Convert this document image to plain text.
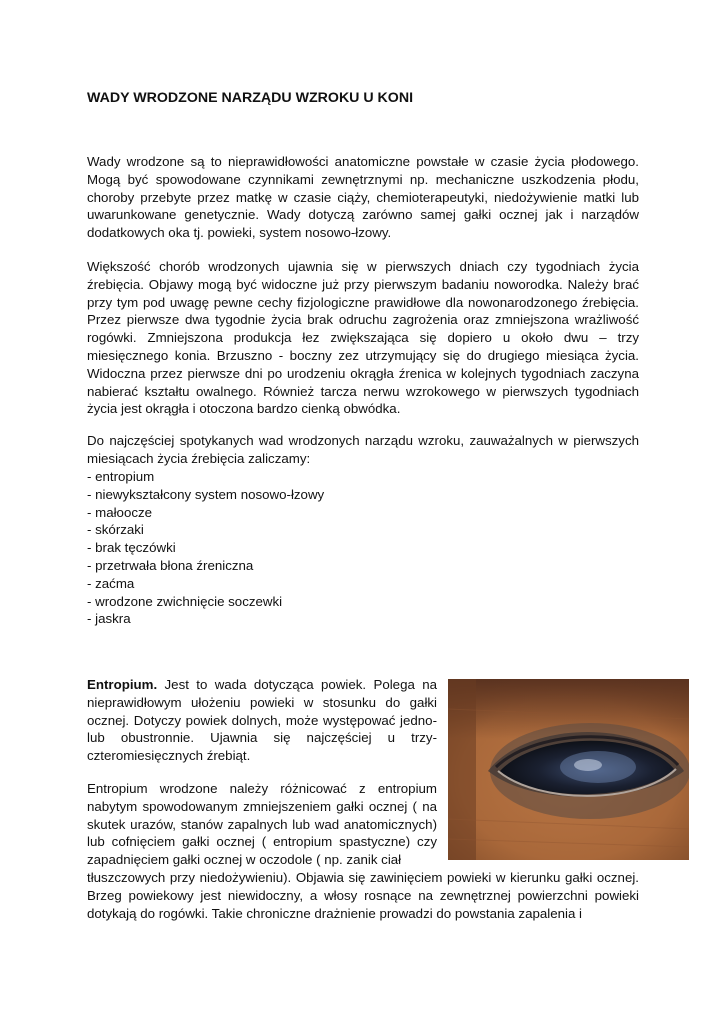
WADY WRODZONE NARZĄDU WZROKU U KONI

Wady wrodzone są to nieprawidłowości anatomiczne powstałe w czasie życia płodowego. Mogą być spowodowane czynnikami zewnętrznymi np. mechaniczne uszkodzenia płodu, choroby przebyte przez matkę w czasie ciąży, chemioterapeutyki, niedożywienie matki lub uwarunkowane genetycznie. Wady dotyczą zarówno samej gałki ocznej jak i narządów dodatkowych oka tj. powieki, system nosowo-łzowy.

Większość chorób wrodzonych ujawnia się w pierwszych dniach czy tygodniach życia źrebięcia. Objawy mogą być widoczne już przy pierwszym badaniu noworodka. Należy brać przy tym pod uwagę pewne cechy fizjologiczne prawidłowe dla nowonarodzonego źrebięcia. Przez pierwsze dwa tygodnie życia brak odruchu zagrożenia oraz zmniejszona wrażliwość rogówki. Zmniejszona produkcja łez zwiększająca się dopiero u około dwu – trzy miesięcznego konia. Brzuszno - boczny zez utrzymujący się do drugiego miesiąca życia. Widoczna przez pierwsze dni po urodzeniu okrągła źrenica w kolejnych tygodniach zaczyna nabierać kształtu owalnego. Również tarcza nerwu wzrokowego w pierwszych tygodniach życia jest okrągła i otoczona bardzo cienką obwódka.

Do najczęściej spotykanych wad wrodzonych narządu wzroku, zauważalnych w pierwszych miesiącach życia źrebięcia zaliczamy:

- entropium
- niewykształcony system nosowo-łzowy
- małoocze
- skórzaki
- brak tęczówki
- przetrwała błona źreniczna
- zaćma
- wrodzone zwichnięcie soczewki
- jaskra

Entropium. Jest to wada dotycząca powiek. Polega na nieprawidłowym ułożeniu powieki w stosunku do gałki ocznej. Dotyczy powiek dolnych, może występować jedno- lub obustronnie. Ujawnia się najczęściej u trzy-czteromiesięcznych źrebiąt.

Entropium wrodzone należy różnicować z entropium nabytym spowodowanym zmniejszeniem gałki ocznej ( na skutek urazów, stanów zapalnych lub wad anatomicznych) lub cofnięciem gałki ocznej ( entropium spastyczne) czy zapadnięciem gałki ocznej w oczodole ( np. zanik ciał

tłuszczowych przy niedożywieniu). Objawia się zawinięciem powieki w kierunku gałki ocznej. Brzeg powiekowy jest niewidoczny, a włosy rosnące na zewnętrznej powierzchni powieki dotykają do rogówki. Takie chroniczne drażnienie prowadzi do powstania zapalenia i
